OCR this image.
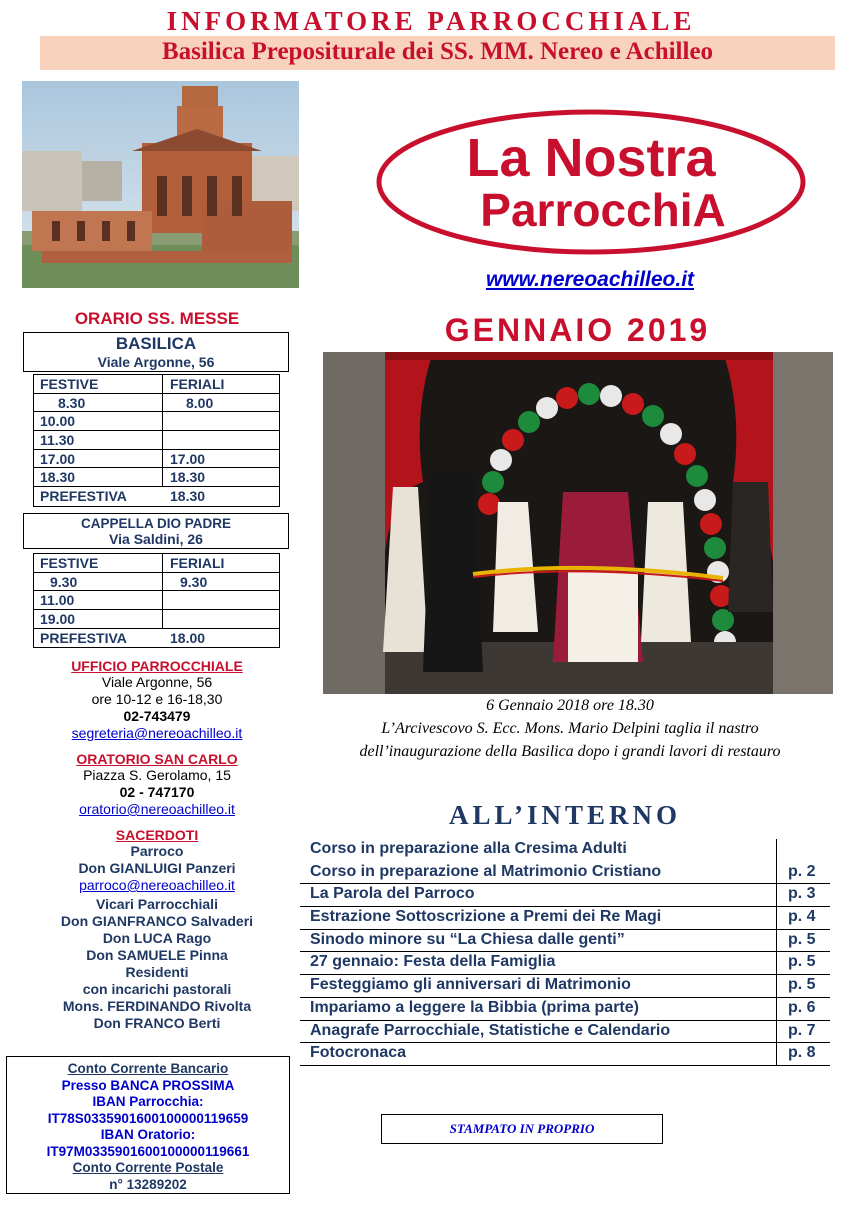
INFORMATORE PARROCCHIALE
Basilica Prepositurale dei SS. MM. Nereo e Achilleo
La Nostra
ParrocchiA
www.nereoachilleo.it
GENNAIO 2019
6 Gennaio 2018 ore 18.30
L’Arcivescovo S. Ecc. Mons. Mario Delpini taglia il nastro
dell’inaugurazione della Basilica dopo i grandi lavori di restauro
ALL’INTERNO
Corso in preparazione alla Cresima Adulti
Corso in preparazione al Matrimonio Cristiano	p. 2
La Parola del Parroco	p. 3
Estrazione Sottoscrizione a Premi dei Re Magi	p. 4
Sinodo minore su “La Chiesa dalle genti”	p. 5
27 gennaio: Festa della Famiglia	p. 5
Festeggiamo gli anniversari di Matrimonio	p. 5
Impariamo a leggere la Bibbia (prima parte)	p. 6
Anagrafe Parrocchiale, Statistiche e Calendario	p. 7
Fotocronaca	p. 8
STAMPATO IN PROPRIO
ORARIO SS. MESSE
BASILICA
Viale Argonne, 56
FESTIVE	FERIALI
8.30	8.00
10.00
11.30
17.00	17.00
18.30	18.30
PREFESTIVA	18.30
CAPPELLA DIO PADRE
Via Saldini, 26
FESTIVE	FERIALI
9.30	9.30
11.00
19.00
PREFESTIVA	18.00
UFFICIO PARROCCHIALE
Viale Argonne, 56
ore 10-12 e 16-18,30
02-743479
segreteria@nereoachilleo.it
ORATORIO SAN CARLO
Piazza S. Gerolamo, 15
02 - 747170
oratorio@nereoachilleo.it
SACERDOTI
Parroco
Don GIANLUIGI Panzeri
parroco@nereoachilleo.it
Vicari Parrocchiali
Don GIANFRANCO Salvaderi
Don LUCA Rago
Don SAMUELE Pinna
Residenti
con incarichi pastorali
Mons. FERDINANDO Rivolta
Don FRANCO Berti
Conto Corrente Bancario
Presso BANCA PROSSIMA
IBAN Parrocchia:
IT78S0335901600100000119659
IBAN Oratorio:
IT97M0335901600100000119661
Conto Corrente Postale
n° 13289202
